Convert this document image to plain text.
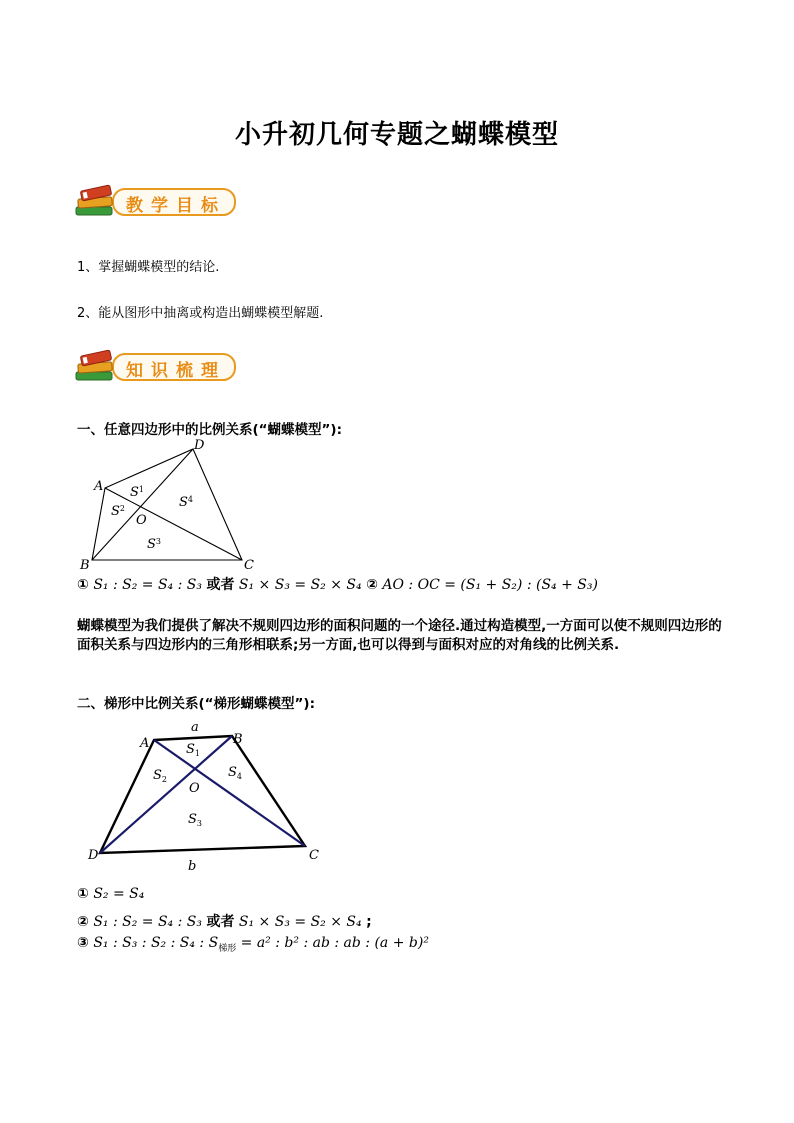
小升初几何专题之蝴蝶模型
教学目标
1、掌握蝴蝶模型的结论.
2、能从图形中抽离或构造出蝴蝶模型解题.
知识梳理
一、任意四边形中的比例关系(“蝴蝶模型”):
A
D
B	C
O
$S^1$
$S^2$
$S^3$
$S^4$
① S₁ : S₂ = S₄ : S₃ 或者 S₁ × S₃ = S₂ × S₄ ② AO : OC = (S₁ + S₂) : (S₄ + S₃)
蝴蝶模型为我们提供了解决不规则四边形的面积问题的一个途径.通过构造模型,一方面可以使不规则四边形的面积关系与四边形内的三角形相联系;另一方面,也可以得到与面积对应的对角线的比例关系.
二、梯形中比例关系(“梯形蝴蝶模型”):
a
b
A	B
D	C
O
$S_1$
$S_2$
$S_3$
$S_4$
① S₂ = S₄
② S₁ : S₂ = S₄ : S₃ 或者 S₁ × S₃ = S₂ × S₄ ;
③ S₁ : S₃ : S₂ : S₄ : $S_{梯形} = a^2$ : b² : ab : ab : (a + b)²
